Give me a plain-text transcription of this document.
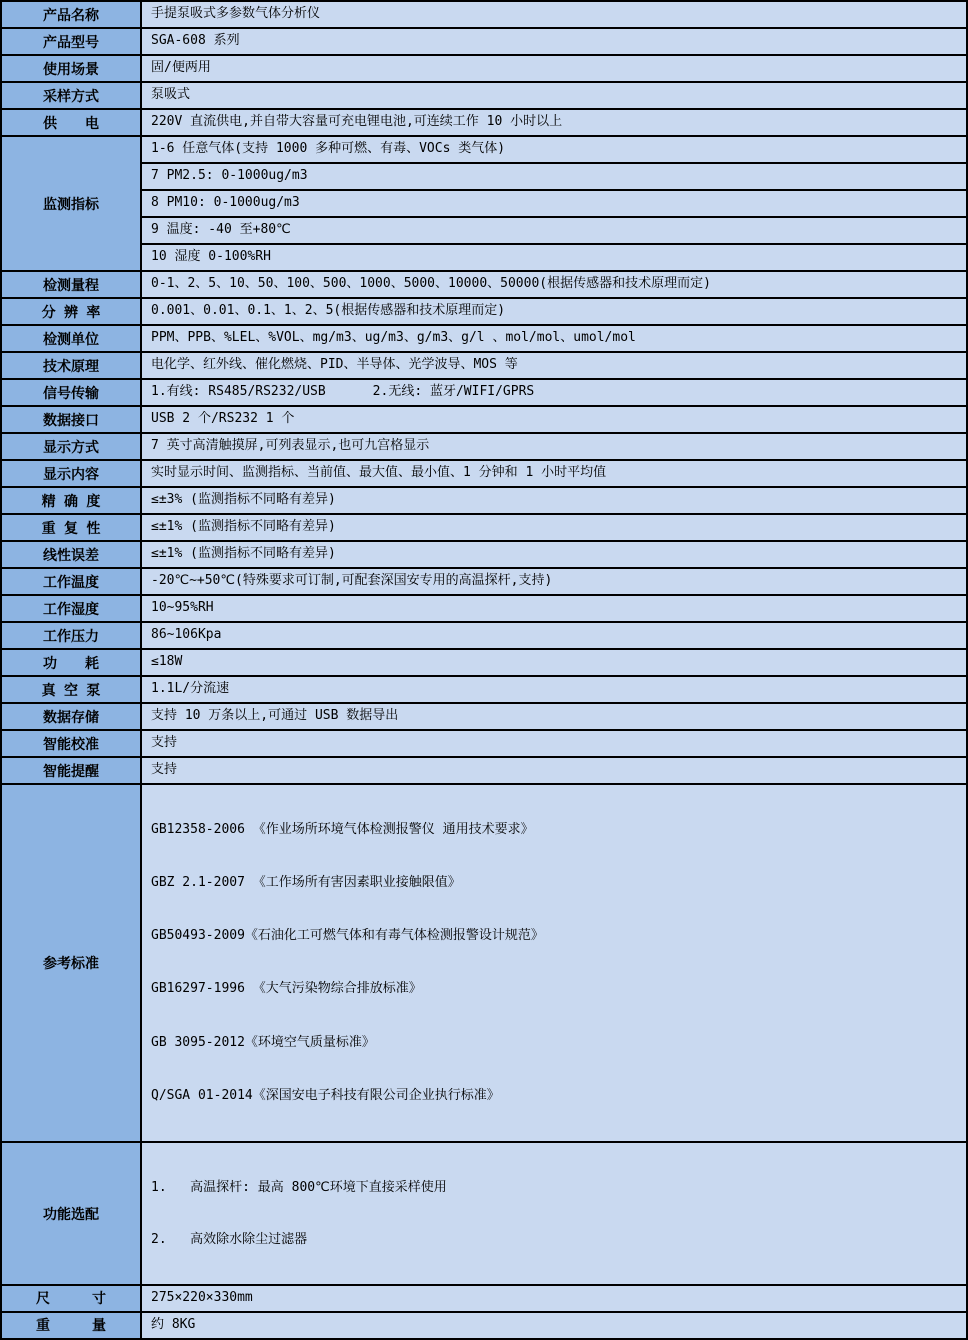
产品名称	手提泵吸式多参数气体分析仪
产品型号	SGA-608 系列
使用场景	固/便两用
采样方式	泵吸式
供　　电	220V 直流供电,并自带大容量可充电锂电池,可连续工作 10 小时以上
监测指标	1-6 任意气体(支持 1000 多种可燃、有毒、VOCs 类气体)
	7 PM2.5: 0-1000ug/m3
	8 PM10: 0-1000ug/m3
	9 温度: -40 至+80℃
	10 湿度 0-100%RH
检测量程	0-1、2、5、10、50、100、500、1000、5000、10000、50000(根据传感器和技术原理而定)
分 辨 率	0.001、0.01、0.1、1、2、5(根据传感器和技术原理而定)
检测单位	PPM、PPB、%LEL、%VOL、mg/m3、ug/m3、g/m3、g/l 、mol/mol、umol/mol
技术原理	电化学、红外线、催化燃烧、PID、半导体、光学波导、MOS 等
信号传输	1.有线: RS485/RS232/USB      2.无线: 蓝牙/WIFI/GPRS
数据接口	USB 2 个/RS232 1 个
显示方式	7 英寸高清触摸屏,可列表显示,也可九宫格显示
显示内容	实时显示时间、监测指标、当前值、最大值、最小值、1 分钟和 1 小时平均值
精 确 度	≤±3% (监测指标不同略有差异)
重 复 性	≤±1% (监测指标不同略有差异)
线性误差	≤±1% (监测指标不同略有差异)
工作温度	-20℃~+50℃(特殊要求可订制,可配套深国安专用的高温探杆,支持)
工作湿度	10~95%RH
工作压力	86~106Kpa
功　　耗	≤18W
真 空 泵	1.1L/分流速
数据存储	支持 10 万条以上,可通过 USB 数据导出
智能校准	支持
智能提醒	支持
参考标准	

GB12358-2006 《作业场所环境气体检测报警仪 通用技术要求》

GBZ 2.1-2007 《工作场所有害因素职业接触限值》

GB50493-2009《石油化工可燃气体和有毒气体检测报警设计规范》

GB16297-1996 《大气污染物综合排放标准》

GB 3095-2012《环境空气质量标准》

Q/SGA 01-2014《深国安电子科技有限公司企业执行标准》

功能选配	1.   高温探杆: 最高 800℃环境下直接采样使用

2.   高效除水除尘过滤器

尺　　　寸	275×220×330mm
重　　　量	约 8KG
